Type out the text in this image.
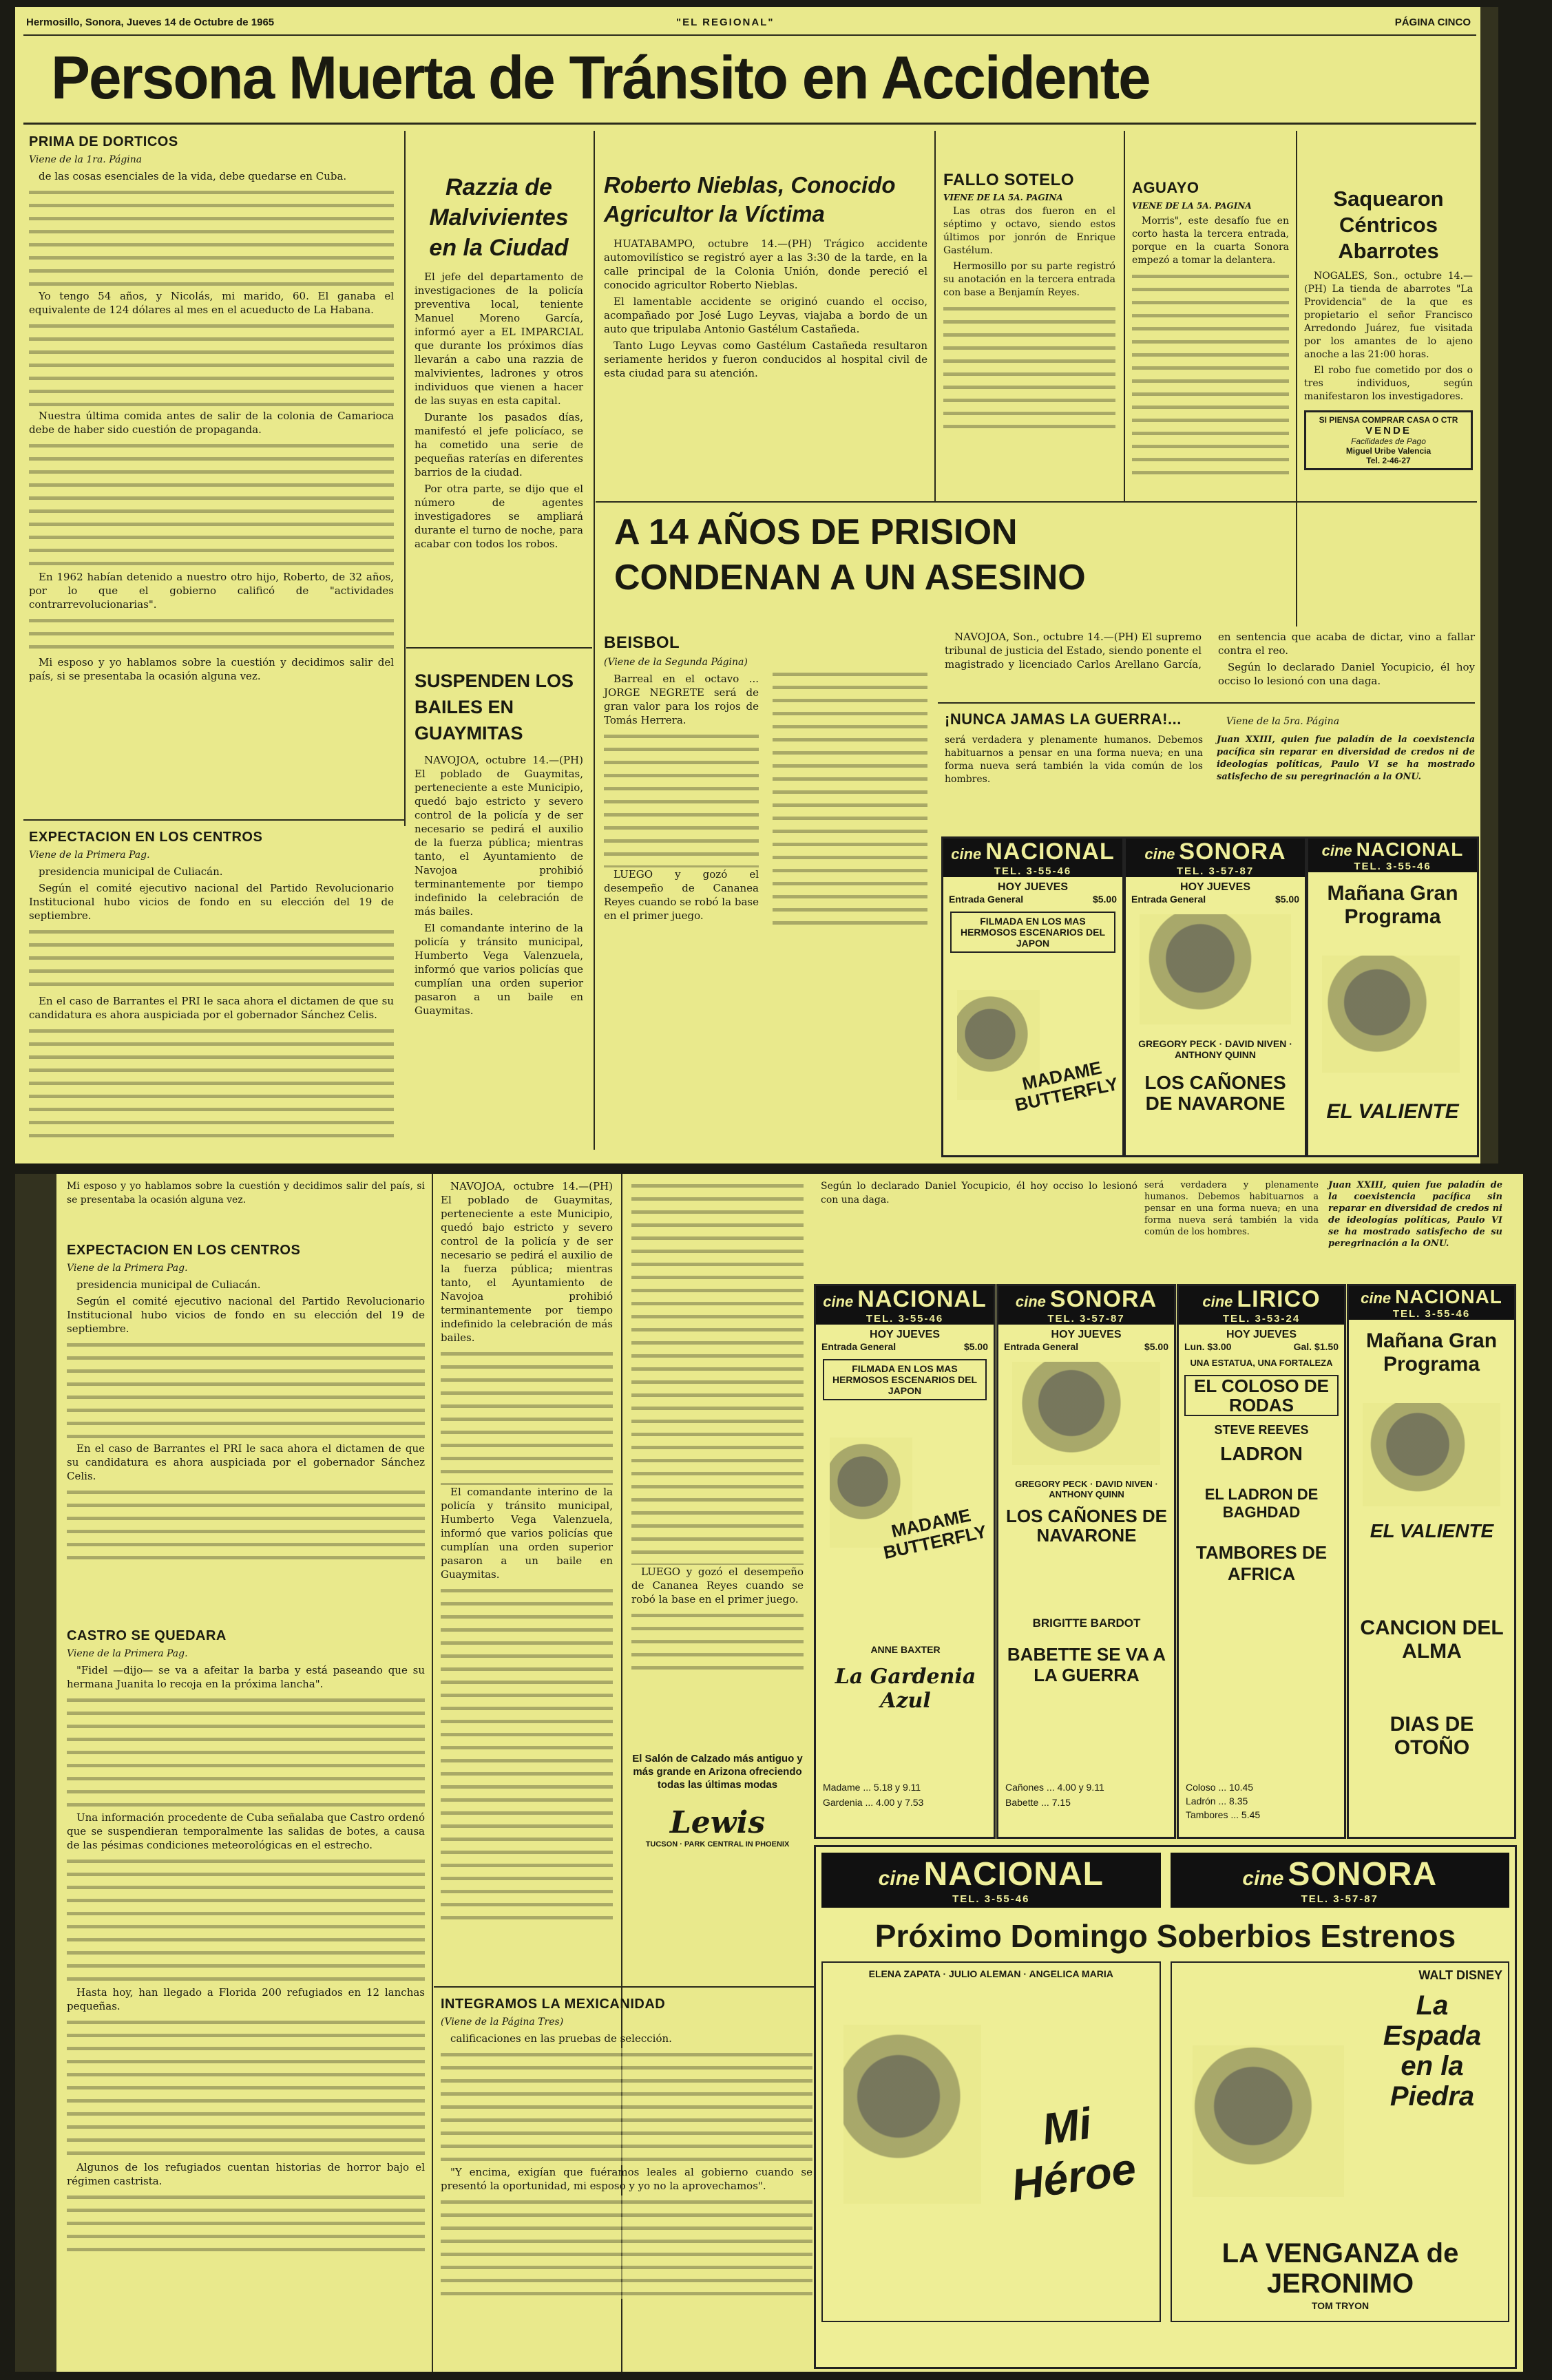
Hermosillo, Sonora, Jueves 14 de Octubre de 1965	"EL REGIONAL"	PÁGINA CINCO
Persona Muerta de Tránsito en Accidente
PRIMA DE DORTICOS
Viene de la 1ra. Página

de las cosas esenciales de la vida, debe quedarse en Cuba.

Yo tengo 54 años, y Nicolás, mi marido, 60. El ganaba el equivalente de 124 dólares al mes en el acueducto de La Habana.

Nuestra última comida antes de salir de la colonia de Camarioca debe de haber sido cuestión de propaganda.

En 1962 habían detenido a nuestro otro hijo, Roberto, de 32 años, por lo que el gobierno calificó de "actividades contrarrevolucionarias".

Mi esposo y yo hablamos sobre la cuestión y decidimos salir del país, si se presentaba la ocasión alguna vez.

EXPECTACION EN LOS CENTROS
Viene de la Primera Pag.

presidencia municipal de Culiacán.

Según el comité ejecutivo nacional del Partido Revolucionario Institucional hubo vicios de fondo en su elección del 19 de septiembre.

En el caso de Barrantes el PRI le saca ahora el dictamen de que su candidatura es ahora auspiciada por el gobernador Sánchez Celis.

Razzia de Malvivientes en la Ciudad

El jefe del departamento de investigaciones de la policía preventiva local, teniente Manuel Moreno García, informó ayer a EL IMPARCIAL que durante los próximos días llevarán a cabo una razzia de malvivientes, ladrones y otros individuos que vienen a hacer de las suyas en esta capital.

Durante los pasados días, manifestó el jefe policíaco, se ha cometido una serie de pequeñas raterías en diferentes barrios de la ciudad.

Por otra parte, se dijo que el número de agentes investigadores se ampliará durante el turno de noche, para acabar con todos los robos.

SUSPENDEN LOS BAILES EN GUAYMITAS

NAVOJOA, octubre 14.—(PH) El poblado de Guaymitas, perteneciente a este Municipio, quedó bajo estricto y severo control de la policía y de ser necesario se pedirá el auxilio de la fuerza pública; mientras tanto, el Ayuntamiento de Navojoa prohibió terminantemente por tiempo indefinido la celebración de más bailes.

El comandante interino de la policía y tránsito municipal, Humberto Vega Valenzuela, informó que varios policías que cumplían una orden superior pasaron a un baile en Guaymitas.

Roberto Nieblas, Conocido Agricultor la Víctima

HUATABAMPO, octubre 14.—(PH) Trágico accidente automovilístico se registró ayer a las 3:30 de la tarde, en la calle principal de la Colonia Unión, donde pereció el conocido agricultor Roberto Nieblas.

El lamentable accidente se originó cuando el occiso, acompañado por José Lugo Leyvas, viajaba a bordo de un auto que tripulaba Antonio Gastélum Castañeda.

Tanto Lugo Leyvas como Gastélum Castañeda resultaron seriamente heridos y fueron conducidos al hospital civil de esta ciudad para su atención.

FALLO SOTELO
VIENE DE LA 5A. PAGINA

Las otras dos fueron en el séptimo y octavo, siendo estos últimos por jonrón de Enrique Gastélum.

Hermosillo por su parte registró su anotación en la tercera entrada con base a Benjamín Reyes.

AGUAYO
VIENE DE LA 5A. PAGINA

Morris", este desafío fue en corto hasta la tercera entrada, porque en la cuarta Sonora empezó a tomar la delantera.

Saquearon Céntricos Abarrotes

NOGALES, Son., octubre 14.—(PH) La tienda de abarrotes "La Providencia" de la que es propietario el señor Francisco Arredondo Juárez, fue visitada por los amantes de lo ajeno anoche a las 21:00 horas.

El robo fue cometido por dos o tres individuos, según manifestaron los investigadores.

SI PIENSA COMPRAR CASA O CTR
VENDE
Facilidades de Pago
Miguel Uribe Valencia
Tel. 2-46-27
A 14 AÑOS DE PRISION
CONDENAN A UN ASESINO

NAVOJOA, Son., octubre 14.—(PH) El supremo tribunal de justicia del Estado, siendo ponente el magistrado y licenciado Carlos Arellano García, en sentencia que acaba de dictar, vino a fallar contra el reo.

Según lo declarado Daniel Yocupicio, él hoy occiso lo lesionó con una daga.

BEISBOL
(Viene de la Segunda Página)

Barreal en el octavo ... JORGE NEGRETE será de gran valor para los rojos de Tomás Herrera.

LUEGO y gozó el desempeño de Cananea Reyes cuando se robó la base en el primer juego.

¡NUNCA JAMAS LA GUERRA!...	Viene de la 5ra. Página
será verdadera y plenamente humanos. Debemos habituarnos a pensar en una forma nueva; en una forma nueva será también la vida común de los hombres.
Juan XXIII, quien fue paladín de la coexistencia pacífica sin reparar en diversidad de credos ni de ideologías políticas, Paulo VI se ha mostrado satisfecho de su peregrinación a la ONU.
cine NACIONAL
TEL. 3-55-46
HOY JUEVES
Entrada General	$5.00
FILMADA EN LOS MAS HERMOSOS ESCENARIOS DEL JAPON
MADAME BUTTERFLY
cine SONORA
TEL. 3-57-87
HOY JUEVES
Entrada General	$5.00
GREGORY PECK · DAVID NIVEN · ANTHONY QUINN
LOS CAÑONES DE NAVARONE
cine NACIONAL
TEL. 3-55-46
Mañana Gran
Programa
EL VALIENTE
Mi esposo y yo hablamos sobre la cuestión y decidimos salir del país, si se presentaba la ocasión alguna vez.
EXPECTACION EN LOS CENTROS
Viene de la Primera Pag.

presidencia municipal de Culiacán.

Según el comité ejecutivo nacional del Partido Revolucionario Institucional hubo vicios de fondo en su elección del 19 de septiembre.

En el caso de Barrantes el PRI le saca ahora el dictamen de que su candidatura es ahora auspiciada por el gobernador Sánchez Celis.

CASTRO SE QUEDARA
Viene de la Primera Pag.

"Fidel —dijo— se va a afeitar la barba y está paseando que su hermana Juanita lo recoja en la próxima lancha".

Una información procedente de Cuba señalaba que Castro ordenó que se suspendieran temporalmente las salidas de botes, a causa de las pésimas condiciones meteorológicas en el estrecho.

Hasta hoy, han llegado a Florida 200 refugiados en 12 lanchas pequeñas.

Algunos de los refugiados cuentan historias de horror bajo el régimen castrista.

NAVOJOA, octubre 14.—(PH) El poblado de Guaymitas, perteneciente a este Municipio, quedó bajo estricto y severo control de la policía y de ser necesario se pedirá el auxilio de la fuerza pública; mientras tanto, el Ayuntamiento de Navojoa prohibió terminantemente por tiempo indefinido la celebración de más bailes.

El comandante interino de la policía y tránsito municipal, Humberto Vega Valenzuela, informó que varios policías que cumplían una orden superior pasaron a un baile en Guaymitas.

INTEGRAMOS LA MEXICANIDAD
(Viene de la Página Tres)

calificaciones en las pruebas de selección.

"Y encima, exigían que fuéramos leales al gobierno cuando se presentó la oportunidad, mi esposo y yo no la aprovechamos".

LUEGO y gozó el desempeño de Cananea Reyes cuando se robó la base en el primer juego.

El Salón de Calzado más antiguo y más grande en Arizona ofreciendo todas las últimas modas
Lewis
TUCSON · PARK CENTRAL IN PHOENIX
Según lo declarado Daniel Yocupicio, él hoy occiso lo lesionó con una daga.
será verdadera y plenamente humanos. Debemos habituarnos a pensar en una forma nueva; en una forma nueva será también la vida común de los hombres.
Juan XXIII, quien fue paladín de la coexistencia pacífica sin reparar en diversidad de credos ni de ideologías políticas, Paulo VI se ha mostrado satisfecho de su peregrinación a la ONU.
cine NACIONAL
TEL. 3-55-46
HOY JUEVES
Entrada General	$5.00
FILMADA EN LOS MAS HERMOSOS ESCENARIOS DEL JAPON
MADAME BUTTERFLY
ANNE BAXTER
La Gardenia Azul
Madame ... 5.18 y 9.11
Gardenia ... 4.00 y 7.53
cine SONORA
TEL. 3-57-87
HOY JUEVES
Entrada General	$5.00
GREGORY PECK · DAVID NIVEN · ANTHONY QUINN
LOS CAÑONES DE NAVARONE
BRIGITTE BARDOT
BABETTE SE VA A LA GUERRA
Cañones ... 4.00 y 9.11
Babette ... 7.15
cine LIRICO
TEL. 3-53-24
HOY JUEVES
Lun. $3.00	Gal. $1.50
UNA ESTATUA, UNA FORTALEZA
EL COLOSO DE RODAS
STEVE REEVES
LADRON
EL LADRON DE BAGHDAD
TAMBORES DE AFRICA
Coloso ... 10.45
Ladrón ... 8.35
Tambores ... 5.45
cine NACIONAL
TEL. 3-55-46
Mañana Gran
Programa
EL VALIENTE
CANCION DEL ALMA
DIAS DE OTOÑO
cine NACIONAL
TEL. 3-55-46
cine SONORA
TEL. 3-57-87
Próximo Domingo Soberbios Estrenos
ELENA ZAPATA · JULIO ALEMAN · ANGELICA MARIA
Mi Héroe
WALT DISNEY
La Espada en la Piedra
LA VENGANZA de JERONIMO
TOM TRYON
